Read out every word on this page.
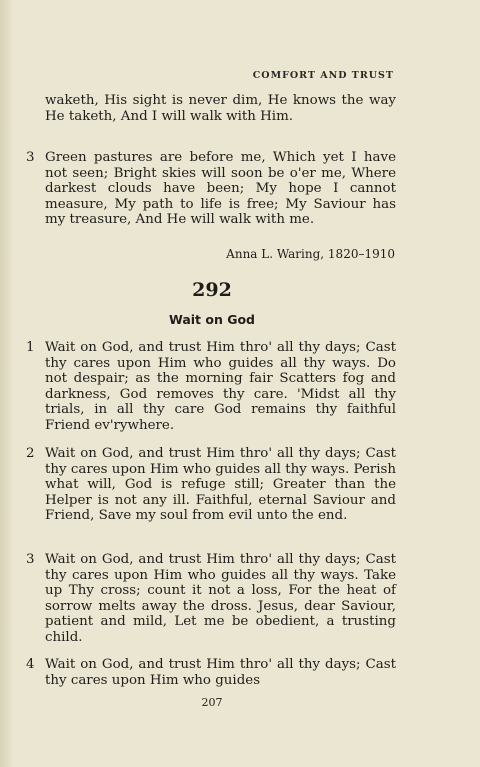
COMFORT AND TRUST
waketh, His sight is never dim, He knows the way He taketh, And I will walk with Him.
3 Green pastures are before me, Which yet I have not seen; Bright skies will soon be o'er me, Where darkest clouds have been; My hope I cannot measure, My path to life is free; My Saviour has my treasure, And He will walk with me.
Anna L. Waring, 1820–1910
292
Wait on God
1 Wait on God, and trust Him thro' all thy days; Cast thy cares upon Him who guides all thy ways. Do not despair; as the morning fair Scatters fog and darkness, God removes thy care. 'Midst all thy trials, in all thy care God remains thy faithful Friend ev'rywhere.
2 Wait on God, and trust Him thro' all thy days; Cast thy cares upon Him who guides all thy ways. Perish what will, God is refuge still; Greater than the Helper is not any ill. Faithful, eternal Saviour and Friend, Save my soul from evil unto the end.
3 Wait on God, and trust Him thro' all thy days; Cast thy cares upon Him who guides all thy ways. Take up Thy cross; count it not a loss, For the heat of sorrow melts away the dross. Jesus, dear Saviour, patient and mild, Let me be obedient, a trusting child.
4 Wait on God, and trust Him thro' all thy days; Cast thy cares upon Him who guides
207
